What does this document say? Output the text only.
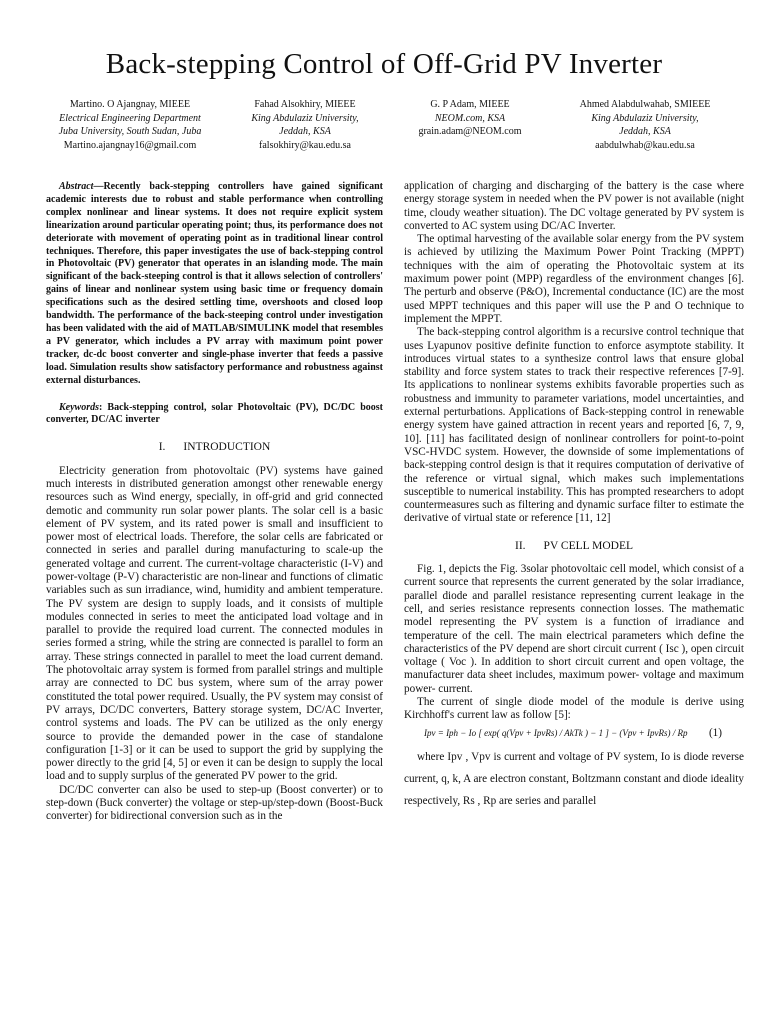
Back-stepping Control of Off-Grid PV Inverter
Martino. O Ajangnay, MIEEE
Electrical Engineering Department
Juba University, South Sudan, Juba
Martino.ajangnay16@gmail.com
Fahad Alsokhiry, MIEEE
King Abdulaziz University,
Jeddah, KSA
falsokhiry@kau.edu.sa
G. P Adam, MIEEE
NEOM.com, KSA
grain.adam@NEOM.com
Ahmed Alabdulwahab, SMIEEE
King Abdulaziz University,
Jeddah, KSA
aabdulwhab@kau.edu.sa

Abstract—Recently back-stepping controllers have gained significant academic interests due to robust and stable performance when controlling complex nonlinear and linear systems. It does not require explicit system linearization around particular operating point; thus, its performance does not deteriorate with movement of operating point as in traditional linear control techniques. Therefore, this paper investigates the use of back-stepping control in Photovoltaic (PV) generator that operates in an islanding mode. The main significant of the back-steeping control is that it allows selection of controllers' gains of linear and nonlinear system using basic time or frequency domain specifications such as the desired settling time, overshoots and closed loop bandwidth. The performance of the back-steeping control under investigation has been validated with the aid of MATLAB/SIMULINK model that resembles a PV generator, which includes a PV array with maximum point power tracker, dc-dc boost converter and single-phase inverter that feeds a passive load. Simulation results show satisfactory performance and robustness against external disturbances.

Keywords: Back-stepping control, solar Photovoltaic (PV), DC/DC boost converter, DC/AC inverter

I. INTRODUCTION

Electricity generation from photovoltaic (PV) systems have gained much interests in distributed generation amongst other renewable energy resources such as Wind energy, specially, in off-grid and grid connected demotic and community run solar power plants. The solar cell is a basic element of PV system, and its rated power is small and insufficient to power most of electrical loads. Therefore, the solar cells are fabricated or connected in series and parallel during manufacturing to scale-up the generated voltage and current. The current-voltage characteristic (I-V) and power-voltage (P-V) characteristic are non-linear and functions of climatic variables such as sun irradiance, wind, humidity and ambient temperature. The PV system are design to supply loads, and it consists of multiple modules connected in series to meet the anticipated load voltage and in parallel to provide the required load current. The connected modules in series formed a string, while the string are connected is parallel to form an array. These strings connected in parallel to meet the load current demand. The photovoltaic array system is formed from parallel strings and multiple array are connected to DC bus system, where sum of the array power constituted the total power required. Usually, the PV system may consist of PV arrays, DC/DC converters, Battery storage system, DC/AC Inverter, control systems and loads. The PV can be utilized as the only energy source to provide the demanded power in the case of standalone configuration [1-3] or it can be used to support the grid by supplying the power directly to the grid [4, 5] or even it can be design to supply the local load and to supply surplus of the generated PV power to the grid.

DC/DC converter can also be used to step-up (Boost converter) or to step-down (Buck converter) the voltage or step-up/step-down (Boost-Buck converter) for bidirectional conversion such as in the

application of charging and discharging of the battery is the case where energy storage system in needed when the PV power is not available (night time, cloudy weather situation). The DC voltage generated by PV system is converted to AC system using DC/AC Inverter.

The optimal harvesting of the available solar energy from the PV system is achieved by utilizing the Maximum Power Point Tracking (MPPT) techniques with the aim of operating the Photovoltaic system at its maximum power point (MPP) regardless of the environment changes [6]. The perturb and observe (P&O), Incremental conductance (IC) are the most used MPPT techniques and this paper will use the P and O technique to implement the MPPT.

The back-stepping control algorithm is a recursive control technique that uses Lyapunov positive definite function to enforce asymptote stability. It introduces virtual states to a synthesize control laws that ensure global stability and force system states to track their respective references [7-9]. Its applications to nonlinear systems exhibits favorable properties such as robustness and immunity to parameter variations, model uncertainties, and external perturbations. Applications of Back-stepping control in renewable energy system have gained attraction in recent years and reported [6, 7, 9, 10]. [11] has facilitated design of nonlinear controllers for point-to-point VSC-HVDC system. However, the downside of some implementations of back-stepping control design is that it requires computation of derivative of the reference or virtual signal, which makes such implementations susceptible to numerical instability. This has prompted researchers to adopt countermeasures such as filtering and dynamic surface filter to estimate the derivative of virtual state or reference [11, 12]

II. PV CELL MODEL

Fig. 1, depicts the Fig. 3solar photovoltaic cell model, which consist of a current source that represents the current generated by the solar irradiance, parallel diode and parallel resistance representing current leakage in the cell, and series resistance represents connection losses. The mathematic model representing the PV system is a function of irradiance and temperature of the cell. The main electrical parameters which define the characteristics of the PV depend are short circuit current ( Isc ), open circuit voltage ( Voc ). In addition to short circuit current and open voltage, the manufacturer data sheet includes, maximum power- voltage and maximum power- current.

The current of single diode model of the module is derive using Kirchhoff's current law as follow [5]:

Ipv = Iph − Io [ exp( q(Vpv + IpvRs) / AkTk ) − 1 ] − (Vpv + IpvRs) / Rp (1)

where Ipv , Vpv is current and voltage of PV system, Io is diode reverse current, q, k, A are electron constant, Boltzmann constant and diode ideality respectively, Rs , Rp are series and parallel
